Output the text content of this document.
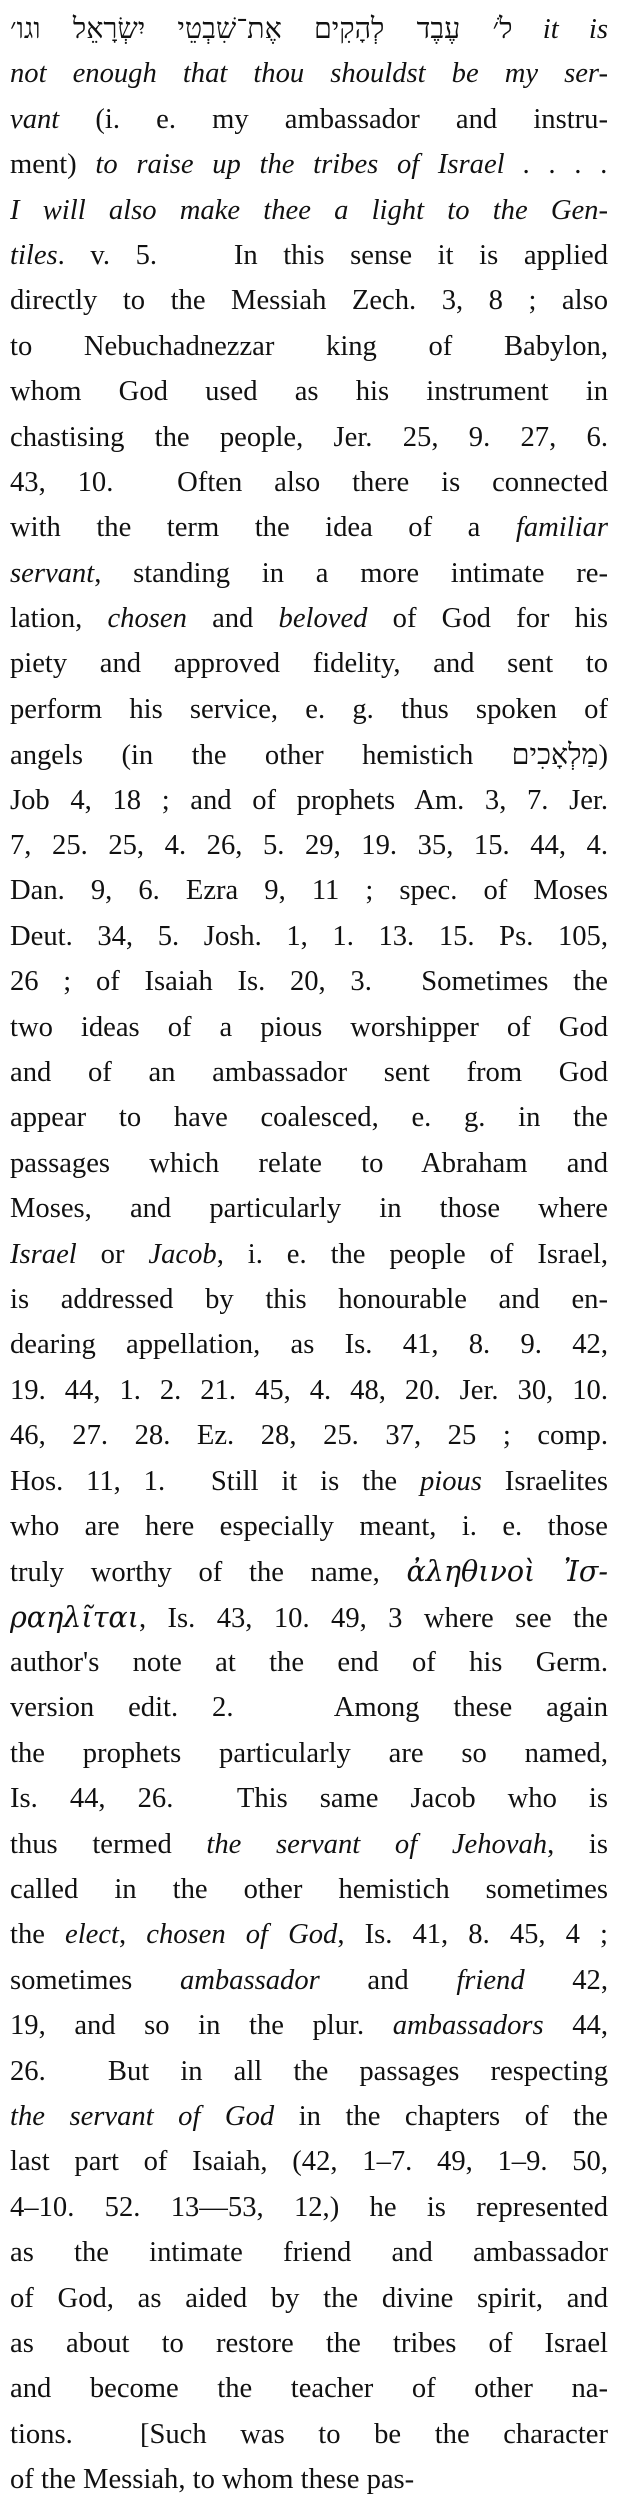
לֹ׳ עֶבֶד לְהָקִים אֶת־שִׁבְטֵי יִשְׂרָאֵל וגו׳ it is
not enough that thou shouldst be my ser-
vant (i. e. my ambassador and instru-
ment) to raise up the tribes of Israel . . . .
I will also make thee a light to the Gen-
tiles. v. 5.   In this sense it is applied
directly to the Messiah Zech. 3, 8 ; also
to Nebuchadnezzar king of Babylon,
whom God used as his instrument in
chastising the people, Jer. 25, 9. 27, 6.
43, 10.  Often also there is connected
with the term the idea of a familiar
servant, standing in a more intimate re-
lation, chosen and beloved of God for his
piety and approved fidelity, and sent to
perform his service, e. g. thus spoken of
angels (in the other hemistich מַלְאָכִים)
Job 4, 18 ; and of prophets Am. 3, 7. Jer.
7, 25. 25, 4. 26, 5. 29, 19. 35, 15. 44, 4.
Dan. 9, 6. Ezra 9, 11 ; spec. of Moses
Deut. 34, 5. Josh. 1, 1. 13. 15. Ps. 105,
26 ; of Isaiah Is. 20, 3.  Sometimes the
two ideas of a pious worshipper of God
and of an ambassador sent from God
appear to have coalesced, e. g. in the
passages which relate to Abraham and
Moses, and particularly in those where
Israel or Jacob, i. e. the people of Israel,
is addressed by this honourable and en-
dearing appellation, as Is. 41, 8. 9. 42,
19. 44, 1. 2. 21. 45, 4. 48, 20. Jer. 30, 10.
46, 27. 28. Ez. 28, 25. 37, 25 ; comp.
Hos. 11, 1.  Still it is the pious Israelites
who are here especially meant, i. e. those
truly worthy of the name, ἀληθινοὶ Ἰσ-
ραηλῖται, Is. 43, 10. 49, 3 where see the
author's note at the end of his Germ.
version edit. 2.   Among these again
the prophets particularly are so named,
Is. 44, 26.  This same Jacob who is
thus termed the servant of Jehovah, is
called in the other hemistich sometimes
the elect, chosen of God, Is. 41, 8. 45, 4 ;
sometimes ambassador and friend 42,
19, and so in the plur. ambassadors 44,
26.  But in all the passages respecting
the servant of God in the chapters of the
last part of Isaiah, (42, 1–7. 49, 1–9. 50,
4–10. 52. 13—53, 12,) he is represented
as the intimate friend and ambassador
of God, as aided by the divine spirit, and
as about to restore the tribes of Israel
and become the teacher of other na-
tions.  [Such was to be the character
of the Messiah, to whom these pas-
